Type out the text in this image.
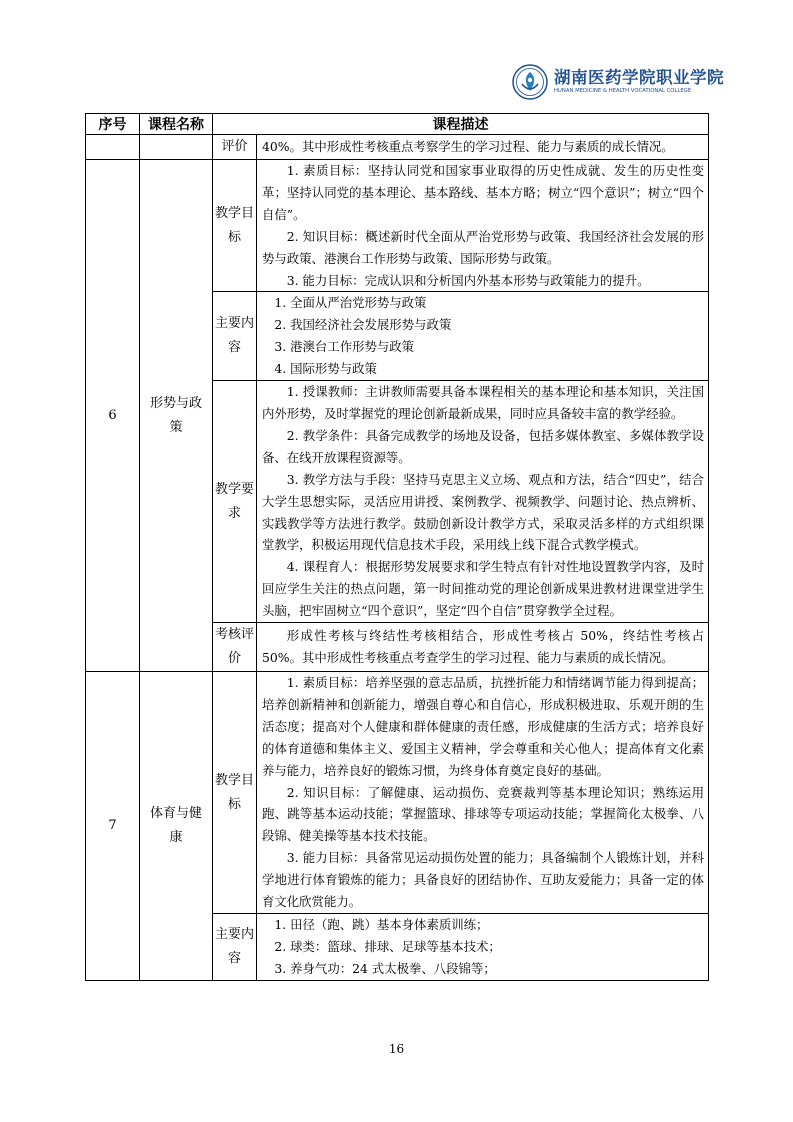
湖南医药学院职业学院
HUNAN MEDICINE & HEALTH VOCATIONAL COLLEGE
序号	课程名称	课程描述	
		评价	40%。其中形成性考核重点考察学生的学习过程、能力与素质的成长情况。

6	形势与政策	教学目标	1. 素质目标：坚持认同党和国家事业取得的历史性成就、发生的历史性变革；坚持认同党的基本理论、基本路线、基本方略；树立“四个意识”；树立“四个自信”。
2. 知识目标：概述新时代全面从严治党形势与政策、我国经济社会发展的形势与政策、港澳台工作形势与政策、国际形势与政策。
3. 能力目标：完成认识和分析国内外基本形势与政策能力的提升。

		主要内容	1. 全面从严治党形势与政策
2. 我国经济社会发展形势与政策
3. 港澳台工作形势与政策
4. 国际形势与政策

		教学要求	1. 授课教师：主讲教师需要具备本课程相关的基本理论和基本知识，关注国内外形势，及时掌握党的理论创新最新成果，同时应具备较丰富的教学经验。
2. 教学条件：具备完成教学的场地及设备，包括多媒体教室、多媒体教学设备、在线开放课程资源等。
3. 教学方法与手段：坚持马克思主义立场、观点和方法，结合“四史”，结合大学生思想实际，灵活应用讲授、案例教学、视频教学、问题讨论、热点辨析、实践教学等方法进行教学。鼓励创新设计教学方式，采取灵活多样的方式组织课堂教学，积极运用现代信息技术手段，采用线上线下混合式教学模式。
4. 课程育人：根据形势发展要求和学生特点有针对性地设置教学内容，及时回应学生关注的热点问题，第一时间推动党的理论创新成果进教材进课堂进学生头脑，把牢固树立“四个意识”，坚定“四个自信”贯穿教学全过程。

		考核评价	形成性考核与终结性考核相结合，形成性考核占 50%，终结性考核占 50%。其中形成性考核重点考查学生的学习过程、能力与素质的成长情况。

7	体育与健康	教学目标	1. 素质目标：培养坚强的意志品质，抗挫折能力和情绪调节能力得到提高；培养创新精神和创新能力，增强自尊心和自信心，形成积极进取、乐观开朗的生活态度；提高对个人健康和群体健康的责任感，形成健康的生活方式；培养良好的体育道德和集体主义、爱国主义精神，学会尊重和关心他人；提高体育文化素养与能力，培养良好的锻炼习惯，为终身体育奠定良好的基础。
2. 知识目标：了解健康、运动损伤、竞赛裁判等基本理论知识；熟练运用跑、跳等基本运动技能；掌握篮球、排球等专项运动技能；掌握简化太极拳、八段锦、健美操等基本技术技能。
3. 能力目标：具备常见运动损伤处置的能力；具备编制个人锻炼计划，并科学地进行体育锻炼的能力；具备良好的团结协作、互助友爱能力；具备一定的体育文化欣赏能力。

		主要内容	1. 田径（跑、跳）基本身体素质训练；
2. 球类：篮球、排球、足球等基本技术；
3. 养身气功：24 式太极拳、八段锦等；
16
